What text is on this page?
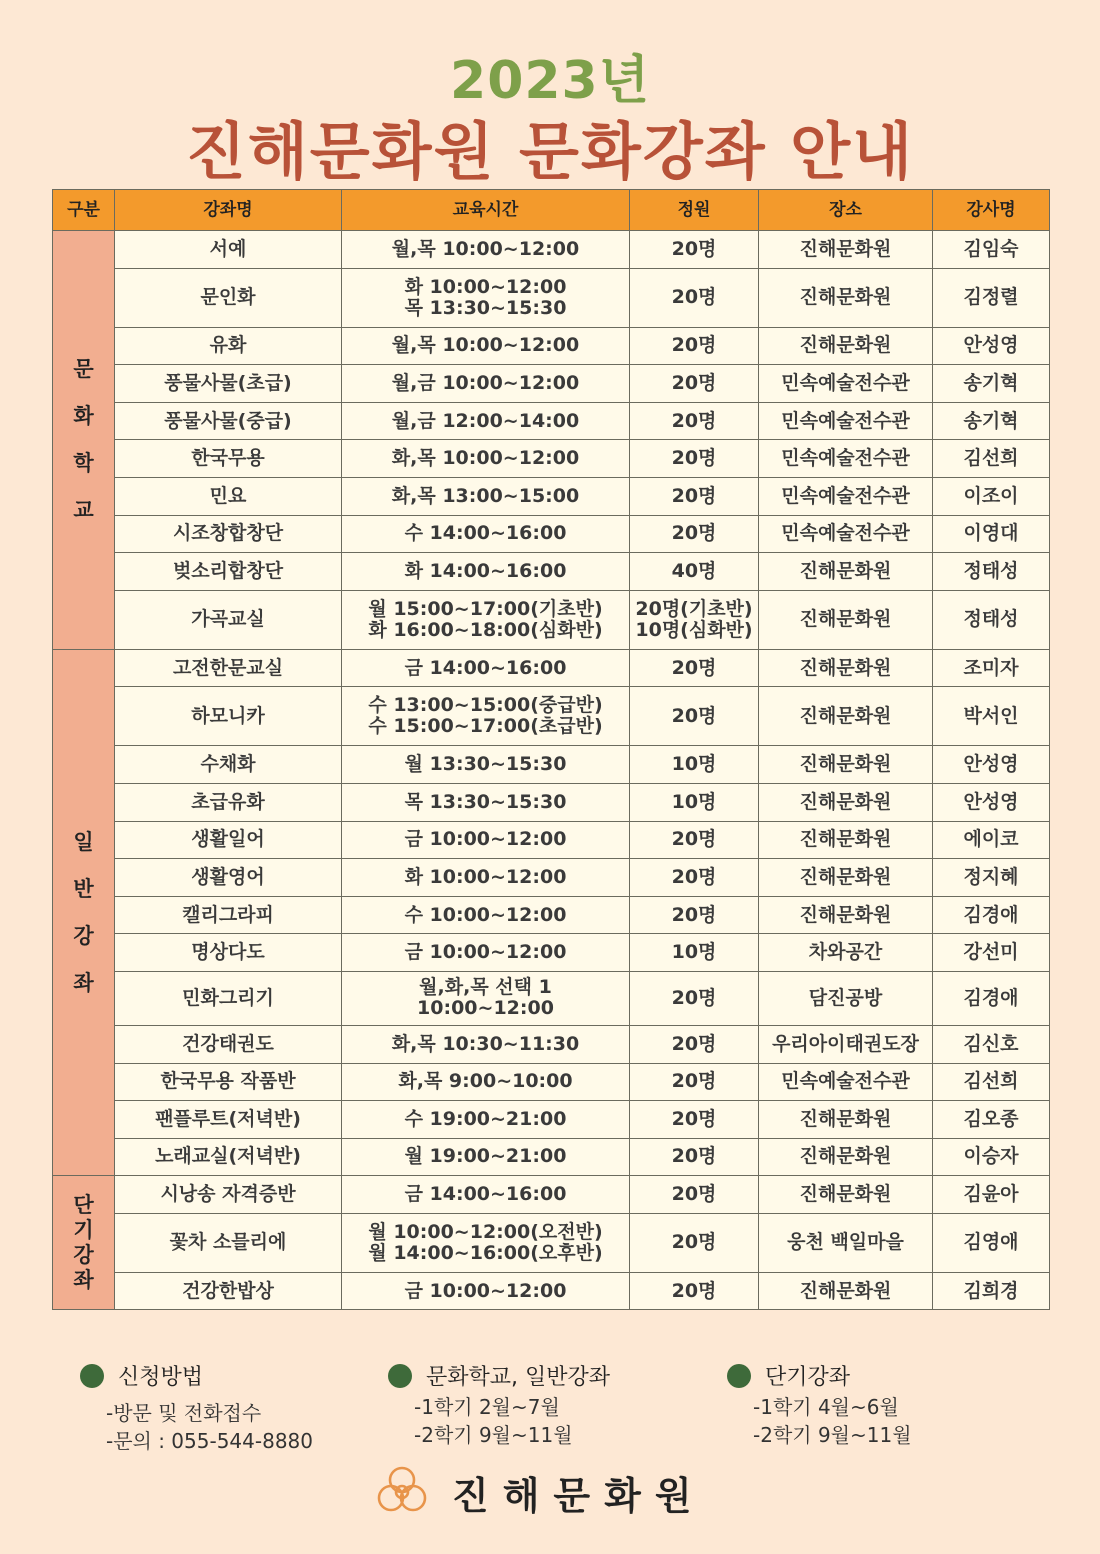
2023년
진해문화원 문화강좌 안내
구분	강좌명	교육시간	정원	장소	강사명
문
화
학
교	서예	월,목 10:00~12:00	20명	진해문화원	김임숙
	문인화	화 10:00~12:00
목 13:30~15:30	20명	진해문화원	김정렬
	유화	월,목 10:00~12:00	20명	진해문화원	안성영
	풍물사물(초급)	월,금 10:00~12:00	20명	민속예술전수관	송기혁
	풍물사물(중급)	월,금 12:00~14:00	20명	민속예술전수관	송기혁
	한국무용	화,목 10:00~12:00	20명	민속예술전수관	김선희
	민요	화,목 13:00~15:00	20명	민속예술전수관	이조이
	시조창합창단	수 14:00~16:00	20명	민속예술전수관	이영대
	벚소리합창단	화 14:00~16:00	40명	진해문화원	정태성
	가곡교실	월 15:00~17:00(기초반)
화 16:00~18:00(심화반)	20명(기초반)
10명(심화반)	진해문화원	정태성
일
반
강
좌	고전한문교실	금 14:00~16:00	20명	진해문화원	조미자
	하모니카	수 13:00~15:00(중급반)
수 15:00~17:00(초급반)	20명	진해문화원	박서인
	수채화	월 13:30~15:30	10명	진해문화원	안성영
	초급유화	목 13:30~15:30	10명	진해문화원	안성영
	생활일어	금 10:00~12:00	20명	진해문화원	에이코
	생활영어	화 10:00~12:00	20명	진해문화원	정지혜
	캘리그라피	수 10:00~12:00	20명	진해문화원	김경애
	명상다도	금 10:00~12:00	10명	차와공간	강선미
	민화그리기	월,화,목 선택 1
10:00~12:00	20명	담진공방	김경애
	건강태권도	화,목 10:30~11:30	20명	우리아이태권도장	김신호
	한국무용 작품반	화,목 9:00~10:00	20명	민속예술전수관	김선희
	팬플루트(저녁반)	수 19:00~21:00	20명	진해문화원	김오종
	노래교실(저녁반)	월 19:00~21:00	20명	진해문화원	이승자
단
기
강
좌	시낭송 자격증반	금 14:00~16:00	20명	진해문화원	김윤아
	꽃차 소믈리에	월 10:00~12:00(오전반)
월 14:00~16:00(오후반)	20명	웅천 백일마을	김영애
	건강한밥상	금 10:00~12:00	20명	진해문화원	김희경
신청방법
-방문 및 전화접수
-문의 : 055-544-8880
문화학교, 일반강좌
-1학기 2월~7월
-2학기 9월~11월
단기강좌
-1학기 4월~6월
-2학기 9월~11월
진해문화원
